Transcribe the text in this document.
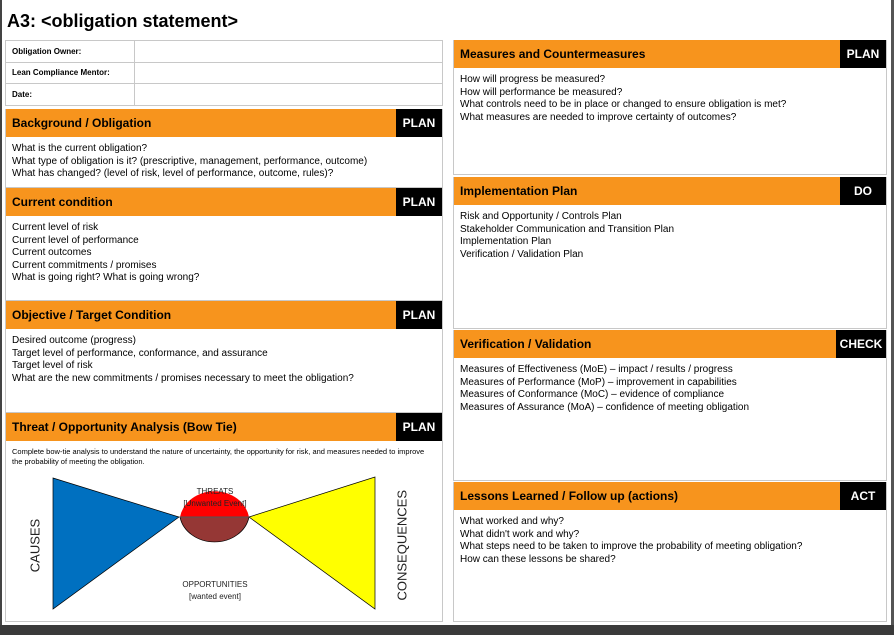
A3: <obligation statement>
Obligation Owner:	
Lean Compliance Mentor:	
Date:	
Background / Obligation	PLAN
What is the current obligation?
What type of obligation is it? (prescriptive, management, performance, outcome)
What has changed? (level of risk, level of performance, outcome, rules)?
Current condition	PLAN
Current level of risk
Current level of performance
Current outcomes
Current commitments / promises
What is going right? What is going wrong?
Objective / Target Condition	PLAN
Desired outcome (progress)
Target level of performance, conformance, and assurance
Target level of risk
What are the new commitments / promises necessary to meet the obligation?
Threat / Opportunity Analysis (Bow Tie)	PLAN
Complete bow-tie analysis to understand the nature of uncertainty, the opportunity for risk, and measures needed to improve the probability of meeting the obligation.
THREATS
[Unwanted Event]
OPPORTUNITIES
[wanted event]
CAUSES	CONSEQUENCES
Measures and Countermeasures	PLAN
How will progress be measured?
How will performance be measured?
What controls need to be in place or changed to ensure obligation is met?
What measures are needed to improve certainty of outcomes?
Implementation Plan	DO
Risk and Opportunity / Controls Plan
Stakeholder Communication and Transition Plan
Implementation Plan
Verification / Validation Plan
Verification / Validation	CHECK
Measures of Effectiveness (MoE) – impact / results / progress
Measures of Performance (MoP) – improvement in capabilities
Measures of Conformance (MoC) – evidence of compliance
Measures of Assurance (MoA) – confidence of meeting obligation
Lessons Learned / Follow up (actions)	ACT
What worked and why?
What didn't work and why?
What steps need to be taken to improve the probability of meeting obligation?
How can these lessons be shared?
